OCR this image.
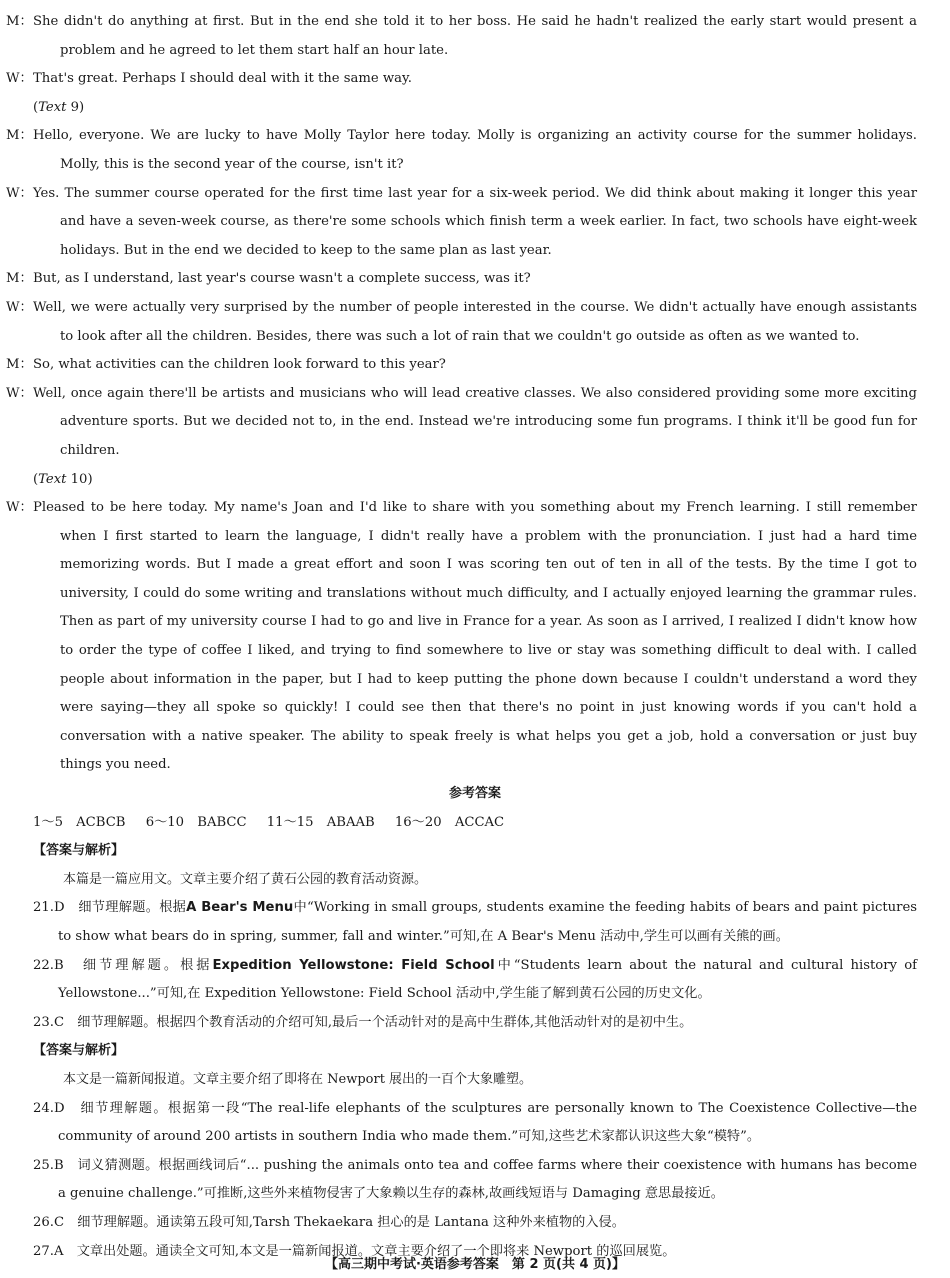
M：She didn't do anything at first. But in the end she told it to her boss. He said he hadn't realized the early start would present a problem and he agreed to let them start half an hour late.
W：That's great. Perhaps I should deal with it the same way.
(Text 9)
M：Hello, everyone. We are lucky to have Molly Taylor here today. Molly is organizing an activity course for the summer holidays. Molly, this is the second year of the course, isn't it?
W：Yes. The summer course operated for the first time last year for a six-week period. We did think about making it longer this year and have a seven-week course, as there're some schools which finish term a week earlier. In fact, two schools have eight-week holidays. But in the end we decided to keep to the same plan as last year.
M：But, as I understand, last year's course wasn't a complete success, was it?
W：Well, we were actually very surprised by the number of people interested in the course. We didn't actually have enough assistants to look after all the children. Besides, there was such a lot of rain that we couldn't go outside as often as we wanted to.
M：So, what activities can the children look forward to this year?
W：Well, once again there'll be artists and musicians who will lead creative classes. We also considered providing some more exciting adventure sports. But we decided not to, in the end. Instead we're introducing some fun programs. I think it'll be good fun for children.
(Text 10)
W：Pleased to be here today. My name's Joan and I'd like to share with you something about my French learning. I still remember when I first started to learn the language, I didn't really have a problem with the pronunciation. I just had a hard time memorizing words. But I made a great effort and soon I was scoring ten out of ten in all of the tests. By the time I got to university, I could do some writing and translations without much difficulty, and I actually enjoyed learning the grammar rules. Then as part of my university course I had to go and live in France for a year. As soon as I arrived, I realized I didn't know how to order the type of coffee I liked, and trying to find somewhere to live or stay was something difficult to deal with. I called people about information in the paper, but I had to keep putting the phone down because I couldn't understand a word they were saying—they all spoke so quickly! I could see then that there's no point in just knowing words if you can't hold a conversation with a native speaker. The ability to speak freely is what helps you get a job, hold a conversation or just buy things you need.
参考答案
1～5　ACBCB 6～10　BABCC 11～15　ABAAB 16～20　ACCAC
【答案与解析】
本篇是一篇应用文。文章主要介绍了黄石公园的教育活动资源。
21.D　 细节理解题。根据A Bear's Menu中“Working in small groups, students examine the feeding habits of bears and paint pictures to show what bears do in spring, summer, fall and winter.”可知,在 A Bear's Menu 活动中,学生可以画有关熊的画。
22.B　 细节理解题。根据Expedition Yellowstone: Field School中“Students learn about the natural and cultural history of Yellowstone...”可知,在 Expedition Yellowstone: Field School 活动中,学生能了解到黄石公园的历史文化。
23.C　 细节理解题。根据四个教育活动的介绍可知,最后一个活动针对的是高中生群体,其他活动针对的是初中生。
【答案与解析】
本文是一篇新闻报道。文章主要介绍了即将在 Newport 展出的一百个大象雕塑。
24.D　 细节理解题。根据第一段“The real-life elephants of the sculptures are personally known to The Coexistence Collective—the community of around 200 artists in southern India who made them.”可知,这些艺术家都认识这些大象“模特”。
25.B　 词义猜测题。根据画线词后“... pushing the animals onto tea and coffee farms where their coexistence with humans has become a genuine challenge.”可推断,这些外来植物侵害了大象赖以生存的森林,故画线短语与 Damaging 意思最接近。
26.C　 细节理解题。通读第五段可知,Tarsh Thekaekara 担心的是 Lantana 这种外来植物的入侵。
27.A　 文章出处题。通读全文可知,本文是一篇新闻报道。文章主要介绍了一个即将来 Newport 的巡回展览。
【高三期中考试·英语参考答案　第 2 页(共 4 页)】
